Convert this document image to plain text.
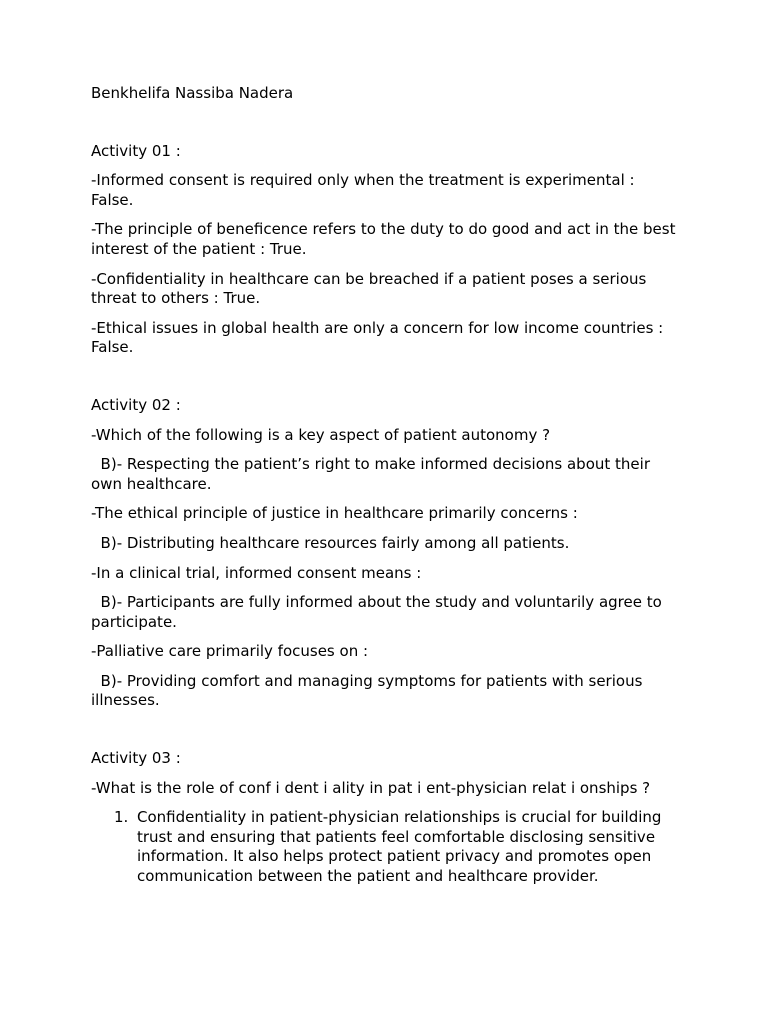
Benkhelifa Nassiba Nadera

Activity 01 :

-Informed consent is required only when the treatment is experimental : False.

-The principle of beneficence refers to the duty to do good and act in the best interest of the patient : True.

-Confidentiality in healthcare can be breached if a patient poses a serious threat to others : True.

-Ethical issues in global health are only a concern for low income countries : False.

Activity 02 :

-Which of the following is a key aspect of patient autonomy ?

B)- Respecting the patient’s right to make informed decisions about their own healthcare.

-The ethical principle of justice in healthcare primarily concerns :

B)- Distributing healthcare resources fairly among all patients.

-In a clinical trial, informed consent means :

B)- Participants are fully informed about the study and voluntarily agree to participate.

-Palliative care primarily focuses on :

B)- Providing comfort and managing symptoms for patients with serious illnesses.

Activity 03 :

-What is the role of conf i dent i ality in pat i ent-physician relat i onships ?

1. Confidentiality in patient-physician relationships is crucial for building trust and ensuring that patients feel comfortable disclosing sensitive information. It also helps protect patient privacy and promotes open communication between the patient and healthcare provider.
